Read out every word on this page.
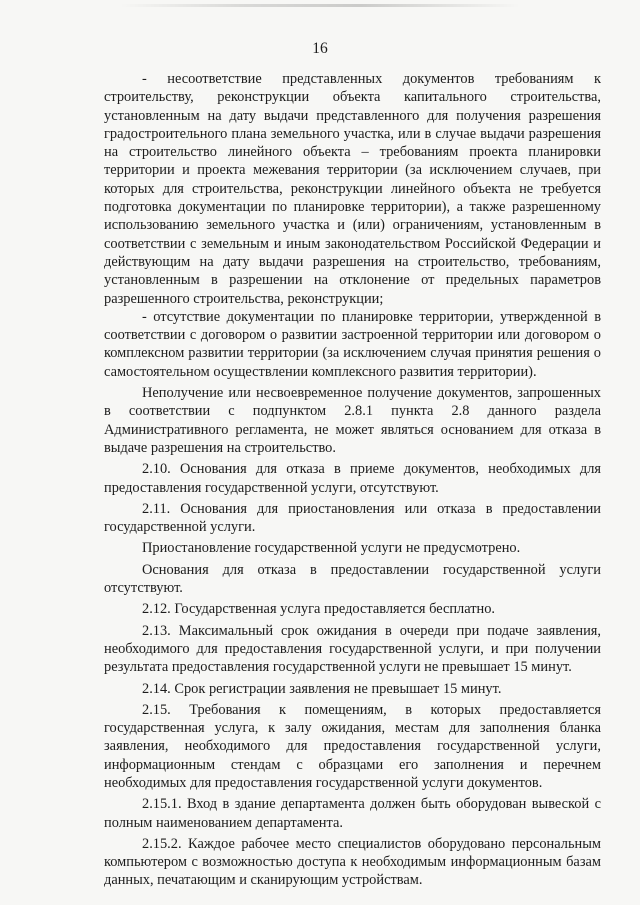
16

- несоответствие представленных документов требованиям к строительству, реконструкции объекта капитального строительства, установленным на дату выдачи представленного для получения разрешения градостроительного плана земельного участка, или в случае выдачи разрешения на строительство линейного объекта – требованиям проекта планировки территории и проекта межевания территории (за исключением случаев, при которых для строительства, реконструкции линейного объекта не требуется подготовка документации по планировке территории), а также разрешенному использованию земельного участка и (или) ограничениям, установленным в соответствии с земельным и иным законодательством Российской Федерации и действующим на дату выдачи разрешения на строительство, требованиям, установленным в разрешении на отклонение от предельных параметров разрешенного строительства, реконструкции;

- отсутствие документации по планировке территории, утвержденной в соответствии с договором о развитии застроенной территории или договором о комплексном развитии территории (за исключением случая принятия решения о самостоятельном осуществлении комплексного развития территории).

Неполучение или несвоевременное получение документов, запрошенных в соответствии с подпунктом 2.8.1 пункта 2.8 данного раздела Административного регламента, не может являться основанием для отказа в выдаче разрешения на строительство.

2.10. Основания для отказа в приеме документов, необходимых для предоставления государственной услуги, отсутствуют.

2.11. Основания для приостановления или отказа в предоставлении государственной услуги.

Приостановление государственной услуги не предусмотрено.

Основания для отказа в предоставлении государственной услуги отсутствуют.

2.12. Государственная услуга предоставляется бесплатно.

2.13. Максимальный срок ожидания в очереди при подаче заявления, необходимого для предоставления государственной услуги, и при получении результата предоставления государственной услуги не превышает 15 минут.

2.14. Срок регистрации заявления не превышает 15 минут.

2.15. Требования к помещениям, в которых предоставляется государственная услуга, к залу ожидания, местам для заполнения бланка заявления, необходимого для предоставления государственной услуги, информационным стендам с образцами его заполнения и перечнем необходимых для предоставления государственной услуги документов.

2.15.1. Вход в здание департамента должен быть оборудован вывеской с полным наименованием департамента.

2.15.2. Каждое рабочее место специалистов оборудовано персональным компьютером с возможностью доступа к необходимым информационным базам данных, печатающим и сканирующим устройствам.
